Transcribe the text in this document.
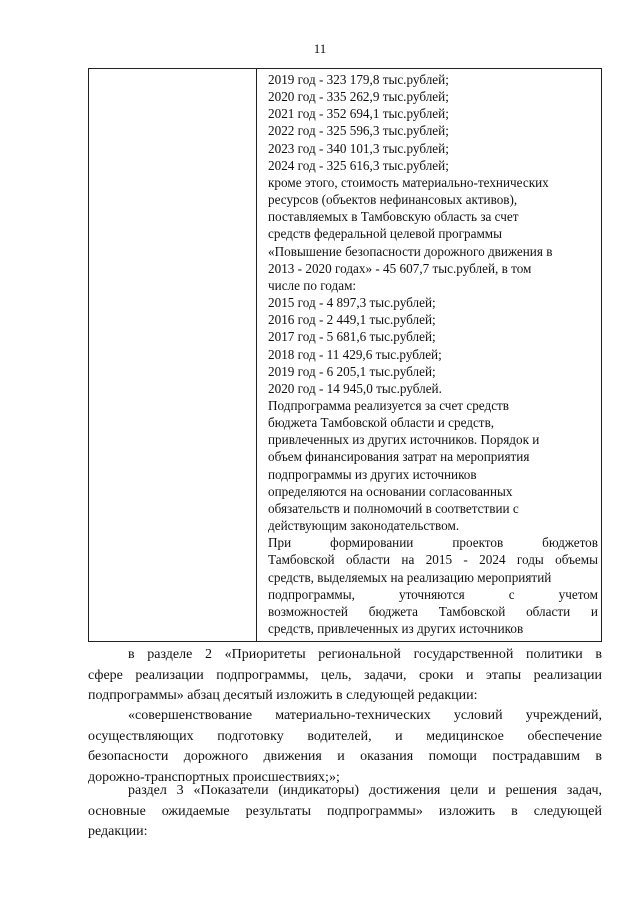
11
2019 год - 323 179,8 тыс.рублей;
2020 год - 335 262,9 тыс.рублей;
2021 год - 352 694,1 тыс.рублей;
2022 год - 325 596,3 тыс.рублей;
2023 год - 340 101,3 тыс.рублей;
2024 год - 325 616,3 тыс.рублей;
кроме этого, стоимость материально-технических
ресурсов (объектов нефинансовых активов),
поставляемых в Тамбовскую область за счет
средств федеральной целевой программы
«Повышение безопасности дорожного движения в
2013 - 2020 годах» - 45 607,7 тыс.рублей, в том
числе по годам:
2015 год - 4 897,3 тыс.рублей;
2016 год - 2 449,1 тыс.рублей;
2017 год - 5 681,6 тыс.рублей;
2018 год - 11 429,6 тыс.рублей;
2019 год - 6 205,1 тыс.рублей;
2020 год - 14 945,0 тыс.рублей.
Подпрограмма реализуется за счет средств
бюджета Тамбовской области и средств,
привлеченных из других источников. Порядок и
объем финансирования затрат на мероприятия
подпрограммы из других источников
определяются на основании согласованных
обязательств и полномочий в соответствии с
действующим законодательством.
При формировании проектов бюджетов
Тамбовской области на 2015 - 2024 годы объемы
средств, выделяемых на реализацию мероприятий
подпрограммы, уточняются с учетом
возможностей бюджета Тамбовской области и
средств, привлеченных из других источников
в разделе 2 «Приоритеты региональной государственной политики в
сфере реализации подпрограммы, цель, задачи, сроки и этапы реализации
подпрограммы» абзац десятый изложить в следующей редакции:
«совершенствование материально-технических условий учреждений,
осуществляющих подготовку водителей, и медицинское обеспечение
безопасности дорожного движения и оказания помощи пострадавшим в
дорожно-транспортных происшествиях;»;
раздел 3 «Показатели (индикаторы) достижения цели и решения задач,
основные ожидаемые результаты подпрограммы» изложить в следующей
редакции:
